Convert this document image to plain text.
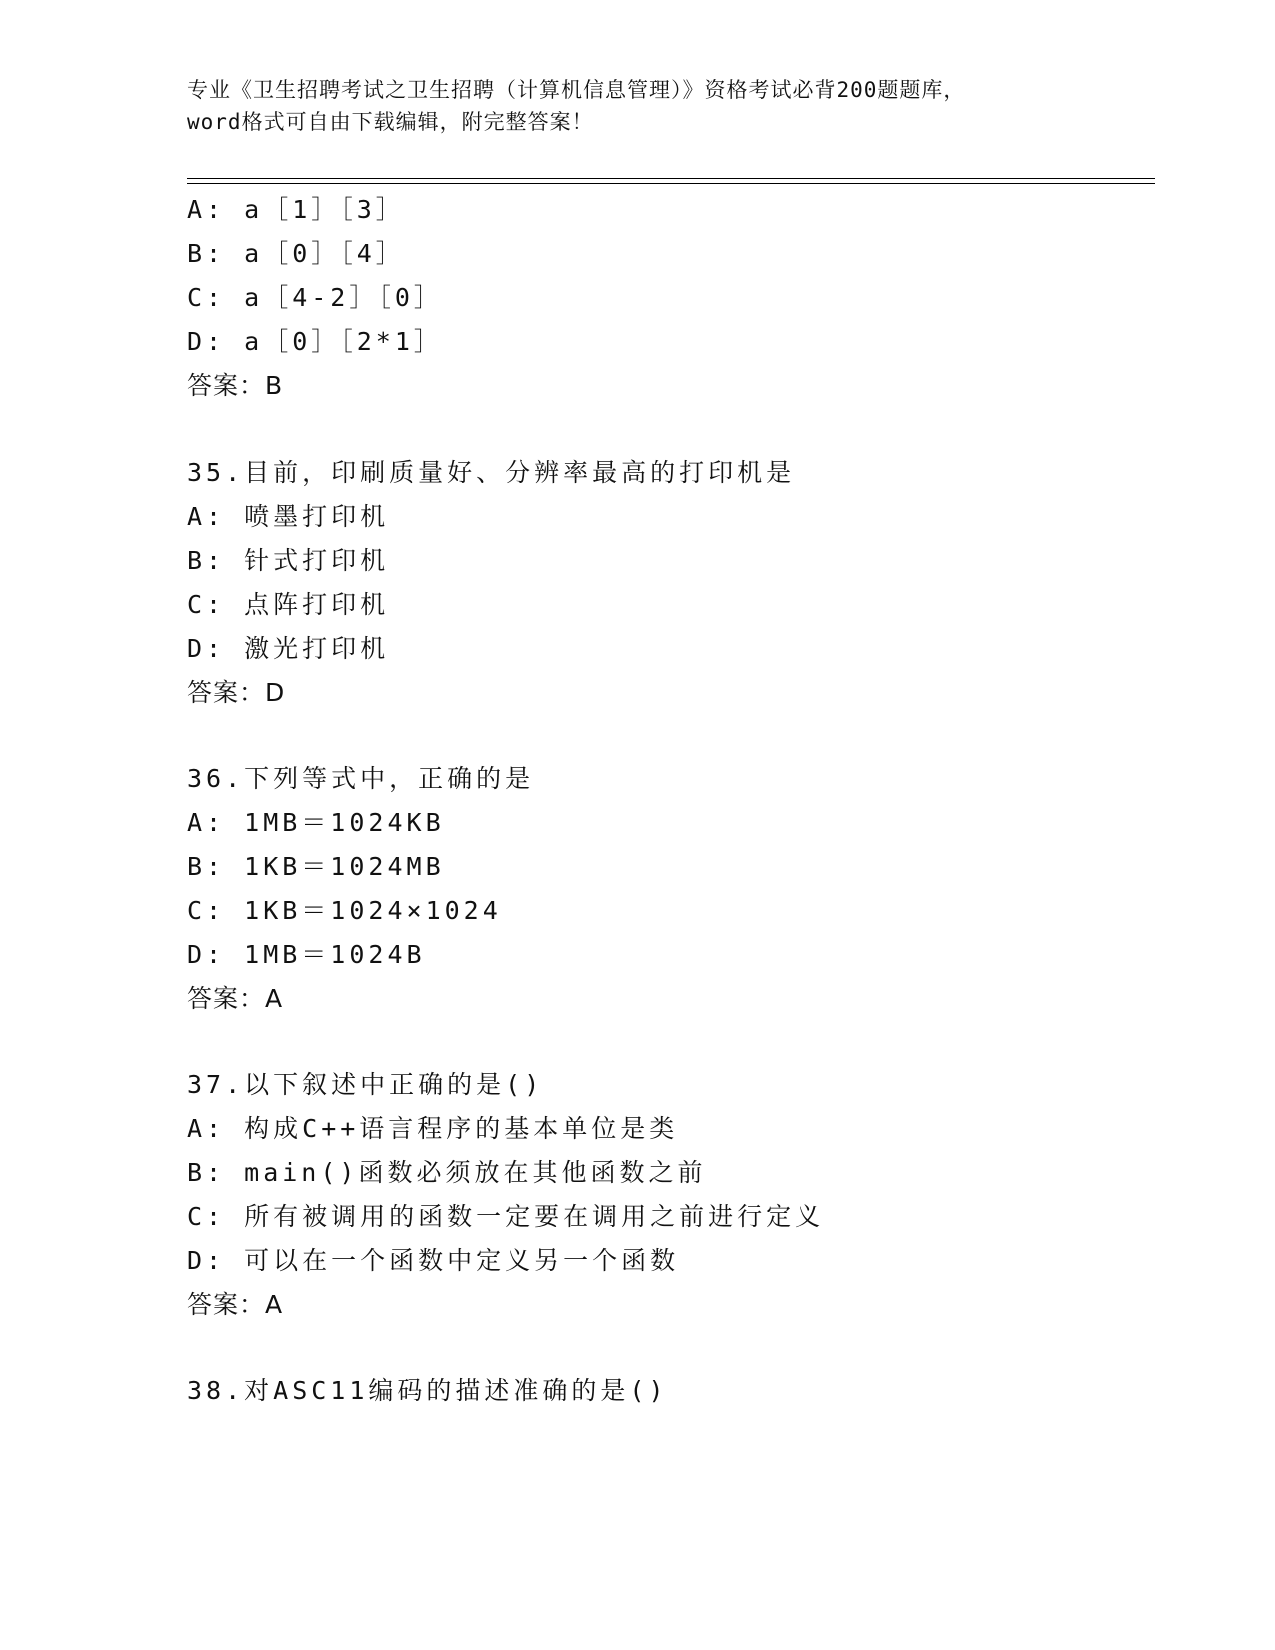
专业《卫生招聘考试之卫生招聘（计算机信息管理）》资格考试必背200题题库，
word格式可自由下载编辑，附完整答案！
A: a［1］［3］
B: a［0］［4］
C: a［4-2］［0］
D: a［0］［2*1］
答案：B
35.目前，印刷质量好、分辨率最高的打印机是
A: 喷墨打印机
B: 针式打印机
C: 点阵打印机
D: 激光打印机
答案：D
36.下列等式中，正确的是
A: 1MB＝1024KB
B: 1KB＝1024MB
C: 1KB＝1024×1024
D: 1MB＝1024B
答案：A
37.以下叙述中正确的是()
A: 构成C++语言程序的基本单位是类
B: main()函数必须放在其他函数之前
C: 所有被调用的函数一定要在调用之前进行定义
D: 可以在一个函数中定义另一个函数
答案：A
38.对ASC11编码的描述准确的是()
